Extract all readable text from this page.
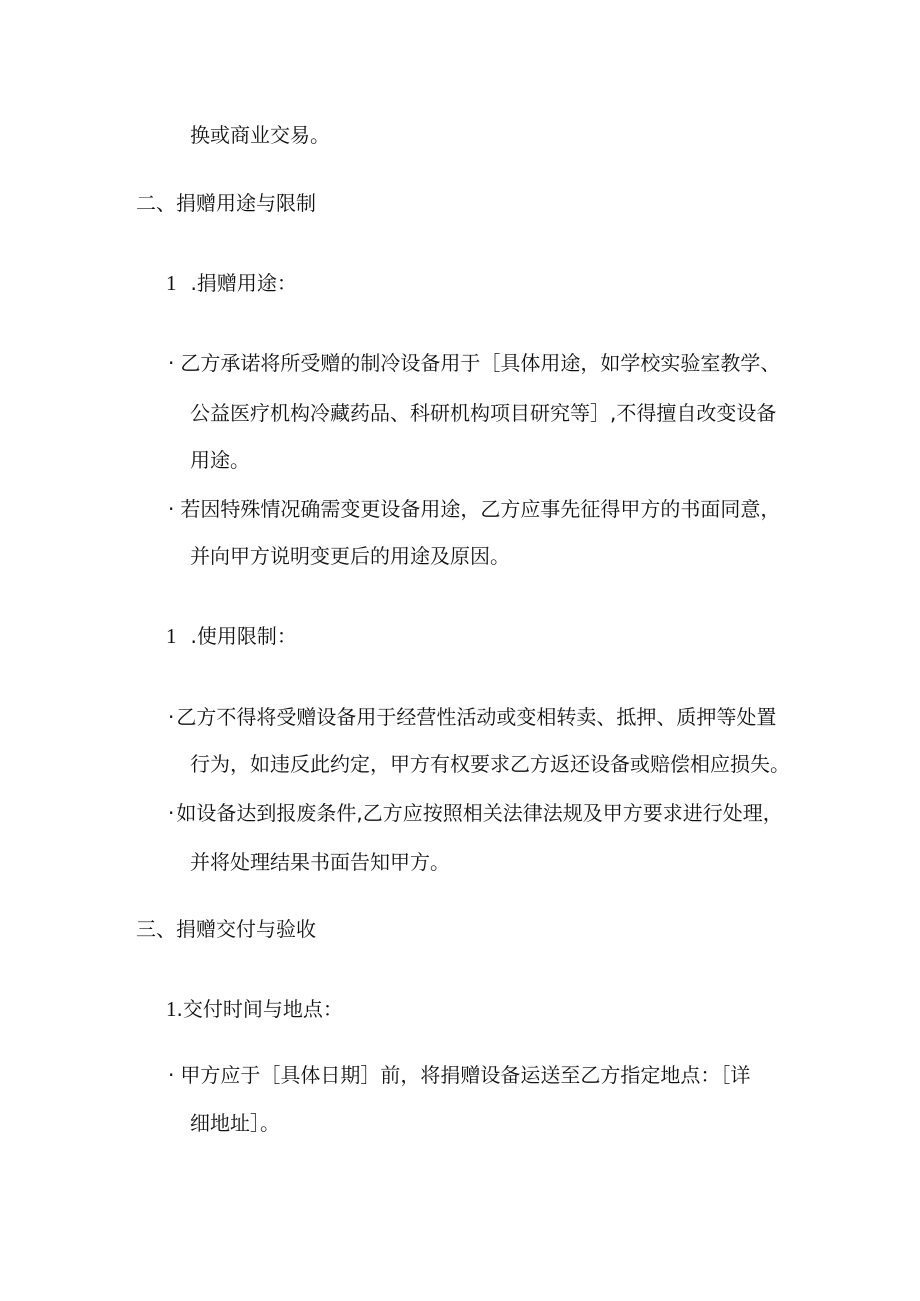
换或商业交易。
二、捐赠用途与限制
1 .捐赠用途：
· 乙方承诺将所受赠的制冷设备用于［具体用途，如学校实验室教学、
公益医疗机构冷藏药品、科研机构项目研究等］,不得擅自改变设备
用途。
· 若因特殊情况确需变更设备用途，乙方应事先征得甲方的书面同意，
并向甲方说明变更后的用途及原因。
1 .使用限制：
· 乙方不得将受赠设备用于经营性活动或变相转卖、抵押、质押等处置
行为，如违反此约定，甲方有权要求乙方返还设备或赔偿相应损失。
· 如设备达到报废条件,乙方应按照相关法律法规及甲方要求进行处理，
并将处理结果书面告知甲方。
三、捐赠交付与验收
1.交付时间与地点：
· 甲方应于［具体日期］前，将捐赠设备运送至乙方指定地点：［详
细地址］。
